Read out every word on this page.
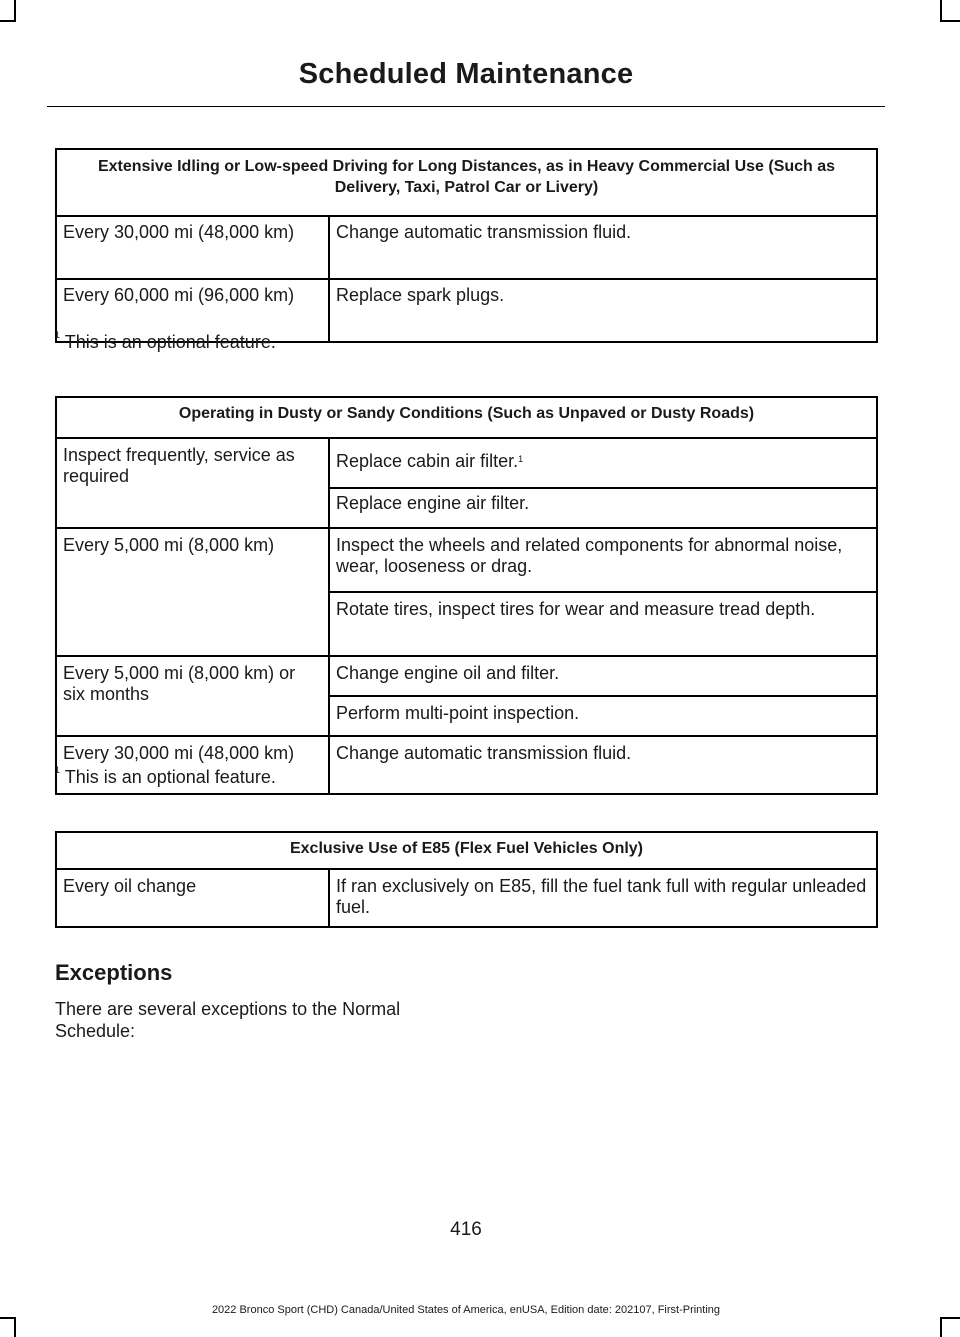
Scheduled Maintenance
Extensive Idling or Low-speed Driving for Long Distances, as in Heavy Commercial Use (Such as Delivery, Taxi, Patrol Car or Livery)	
Every 30,000 mi (48,000 km)	Change automatic transmission fluid.
Every 60,000 mi (96,000 km)	Replace spark plugs.
$^1$ This is an optional feature.
Operating in Dusty or Sandy Conditions (Such as Unpaved or Dusty Roads)	
Inspect frequently, service as required	Replace cabin air filter.$^1$
	Replace engine air filter.
Every 5,000 mi (8,000 km)	Inspect the wheels and related components for abnormal noise, wear, looseness or drag.
	Rotate tires, inspect tires for wear and measure tread depth.
Every 5,000 mi (8,000 km) or six months	Change engine oil and filter.
	Perform multi-point inspection.
Every 30,000 mi (48,000 km)	Change automatic transmission fluid.
$^1$ This is an optional feature.
Exclusive Use of E85 (Flex Fuel Vehicles Only)
Every oil change	If ran exclusively on E85, fill the fuel tank full with regular unleaded fuel.
Exceptions
There are several exceptions to the Normal Schedule:
416
2022 Bronco Sport (CHD) Canada/United States of America, enUSA, Edition date: 202107, First-Printing
